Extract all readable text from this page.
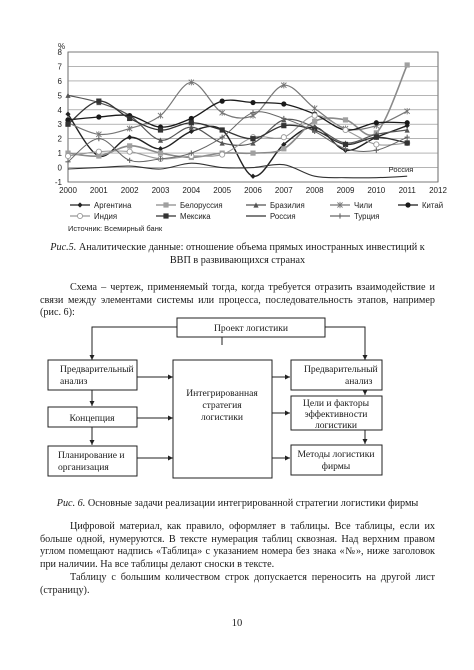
-1
0
1
2
3
4
5
6
7
8
2000 2001 2002 2003 2004 2005 2006 2007 2008 2009 2010 2011 2012
Аргентина	Белоруссия	Бразилия	Чили	Китай
Индия	Мексика	Россия	Турция
Россия
%
Источник: Всемирный банк
Рис.5. Аналитические данные: отношение объема прямых иностранных инвестиций к ВВП в развивающихся странах
Схема – чертеж, применяемый тогда, когда требуется отразить взаимодействие и связи между элементами системы или процесса, последовательность этапов, например (рис. 6):
Интегрированная стратегия логистики
Предварительный анализ
Концепция
Планирование и организация
Предварительный анализ
Цели и факторы эффективности логистики
Методы логистики фирмы
Проект логистики
Рис. 6. Основные задачи реализации интегрированной стратегии логистики фирмы
Цифровой материал, как правило, оформляет в таблицы. Все таблицы, если их больше одной, нумеруются. В тексте нумерация таблиц сквозная. Над верхним правом углом помещают надпись «Таблица» с указанием номера без знака «№», ниже заголовок при наличии. На все таблицы делают сноски в тексте.
Таблицу с большим количеством строк допускается переносить на другой лист (страницу).
10
